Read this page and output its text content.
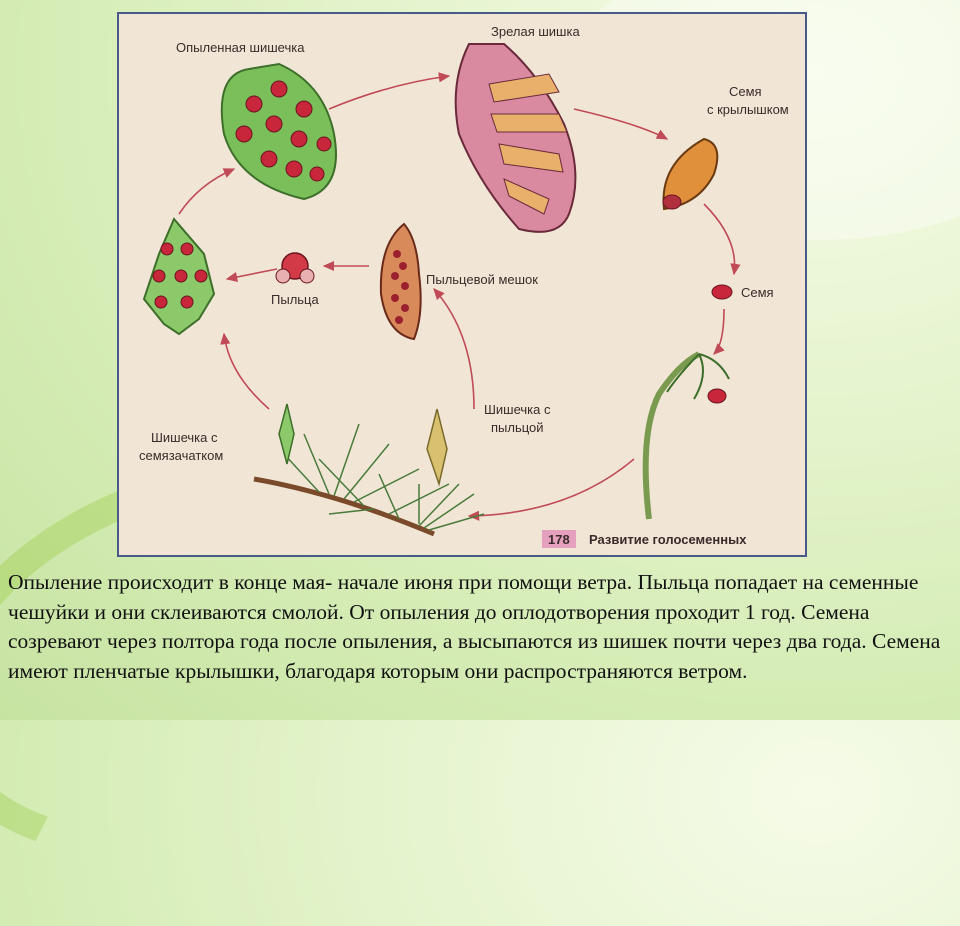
Опыленная шишечка
Зрелая шишка
Семя
с крылышком
Семя
Пыльцевой мешок
Пыльца
Шишечка с
пыльцой
Шишечка с
семязачатком
178 Развитие голосеменных

Опыление происходит в конце мая- начале июня при помощи ветра. Пыльца попадает на семенные чешуйки и они склеиваются смолой. От опыления до оплодотворения проходит 1 год. Семена созревают через полтора года после опыления, а высыпаются из шишек почти через два года. Семена имеют пленчатые крылышки, благодаря которым они распространяются ветром.
